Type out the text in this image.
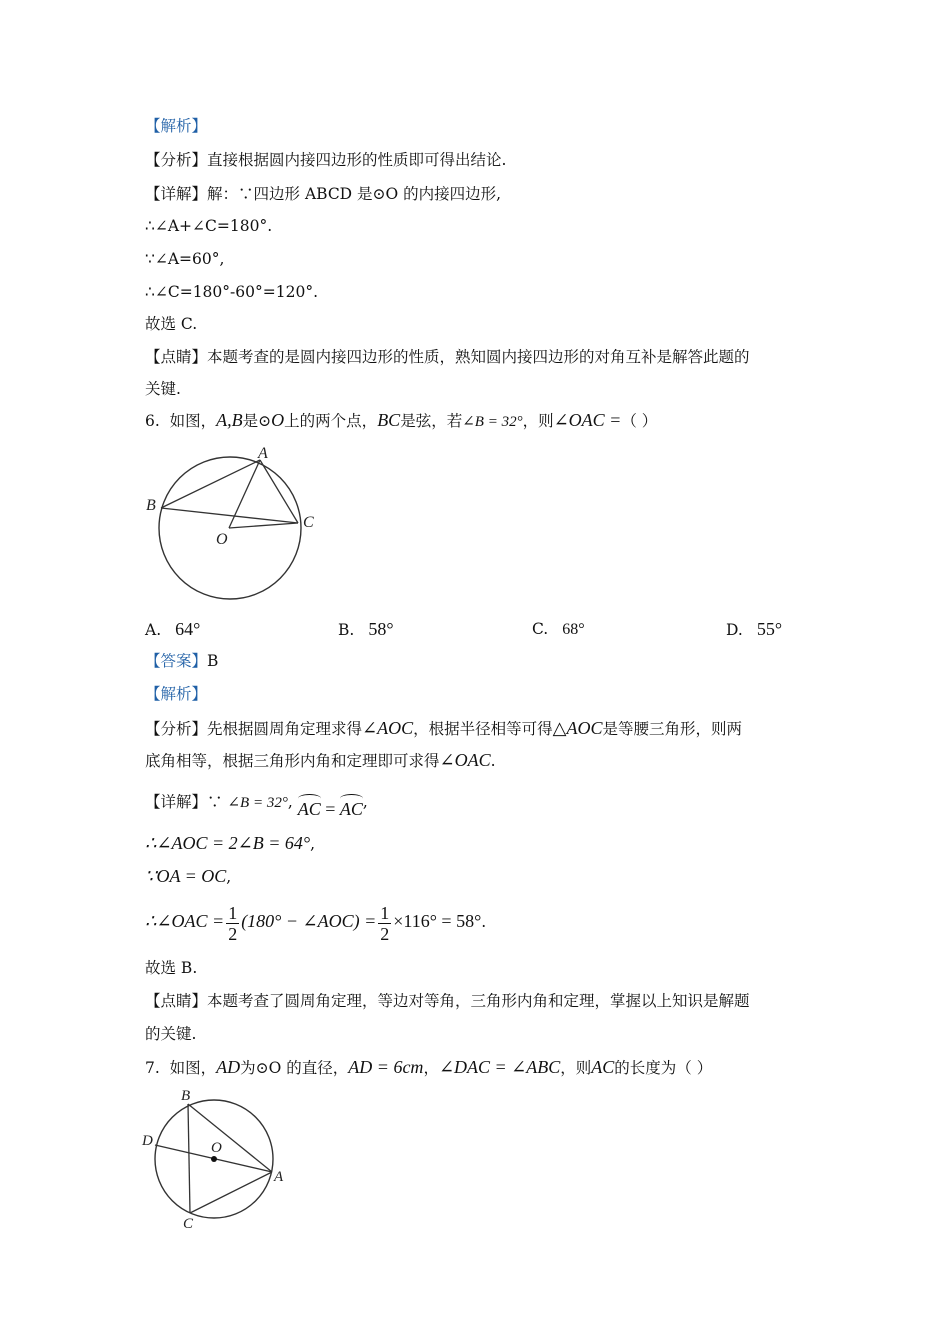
【解析】

【分析】直接根据圆内接四边形的性质即可得出结论.

【详解】解：∵四边形 ABCD 是⊙O 的内接四边形,

∴∠A+∠C=180°.

∵∠A=60°,

∴∠C=180°-60°=120°.

故选 C.

【点睛】本题考查的是圆内接四边形的性质，熟知圆内接四边形的对角互补是解答此题的

关键.

6. 如图，A,B是⊙O上的两个点，BC是弦，若∠B = 32°，则∠OAC =（ ）

A
B
C
O
A. 64°	B. 58°	C. 68°	D. 55°

【答案】B

【解析】

【分析】先根据圆周角定理求得∠AOC，根据半径相等可得△AOC是等腰三角形，则两

底角相等，根据三角形内角和定理即可求得∠OAC.

【详解】∵ ∠B = 32°, AC = AC,

∴∠AOC = 2∠B = 64°,

∵OA = OC,

∴∠OAC = $\frac{1}{2} (180^\circ$ − ∠AOC) = $\frac{1}{2} \times 116^\circ = 58^\circ$.

故选 B.

【点睛】本题考查了圆周角定理，等边对等角，三角形内角和定理，掌握以上知识是解题

的关键.

7. 如图，AD为⊙O 的直径，AD = 6cm，∠DAC = ∠ABC，则AC的长度为（ ）

B
D	O
A
C
